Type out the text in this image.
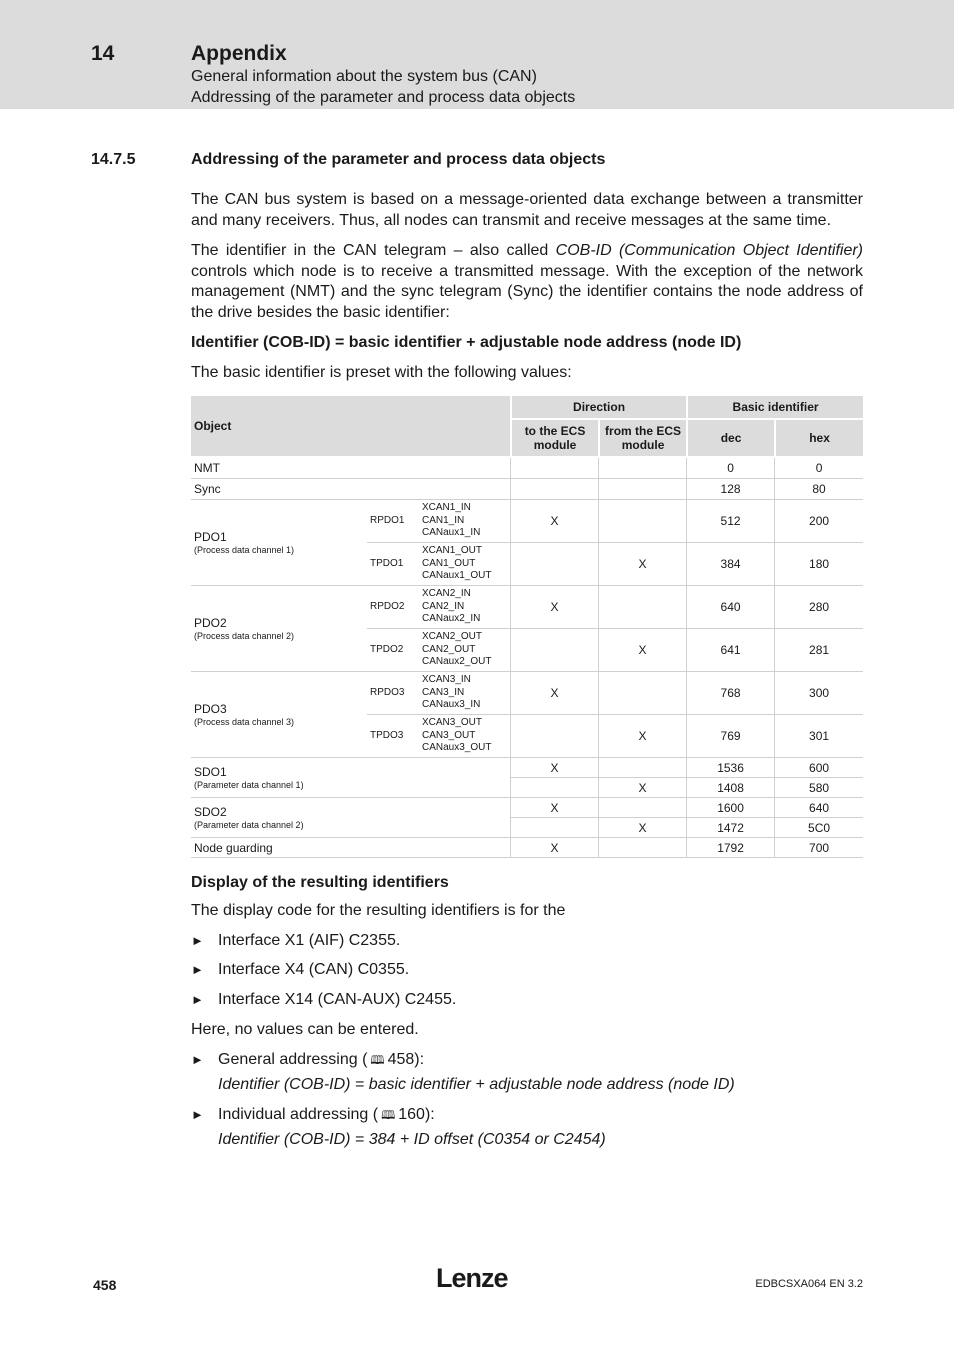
14	Appendix
General information about the system bus (CAN)
Addressing of the parameter and process data objects
14.7.5	Addressing of the parameter and process data objects
The CAN bus system is based on a message-oriented data exchange between a transmitter and many receivers. Thus, all nodes can transmit and receive messages at the same time.
The identifier in the CAN telegram – also called COB-ID (Communication Object Identifier) controls which node is to receive a transmitted message. With the exception of the network management (NMT) and the sync telegram (Sync) the identifier contains the node address of the drive besides the basic identifier:
Identifier (COB-ID) = basic identifier + adjustable node address (node ID)
The basic identifier is preset with the following values:
Object			Direction		Basic identifier	
			to the ECS module	from the ECS module	dec	hex
NMT					0	0
Sync					128	80
PDO1
(Process data channel 1)	RPDO1	XCAN1_IN CAN1_IN CANaux1_IN	X		512	200
	TPDO1	XCAN1_OUT CAN1_OUT CANaux1_OUT		X	384	180
PDO2
(Process data channel 2)	RPDO2	XCAN2_IN CAN2_IN CANaux2_IN	X		640	280
	TPDO2	XCAN2_OUT CAN2_OUT CANaux2_OUT		X	641	281
PDO3
(Process data channel 3)	RPDO3	XCAN3_IN CAN3_IN CANaux3_IN	X		768	300
	TPDO3	XCAN3_OUT CAN3_OUT CANaux3_OUT		X	769	301
SDO1
(Parameter data channel 1)			X		1536	600
				X	1408	580
SDO2
(Parameter data channel 2)			X		1600	640
				X	1472	5C0
Node guarding			X		1792	700
Display of the resulting identifiers
The display code for the resulting identifiers is for the
► Interface X1 (AIF) C2355.
► Interface X4 (CAN) C0355.
► Interface X14 (CAN-AUX) C2455.
Here, no values can be entered.
► General addressing ( 🕮 458):
Identifier (COB-ID) = basic identifier + adjustable node address (node ID)
► Individual addressing ( 🕮 160):
Identifier (COB-ID) = 384 + ID offset (C0354 or C2454)
458	Lenze	EDBCSXA064 EN 3.2
